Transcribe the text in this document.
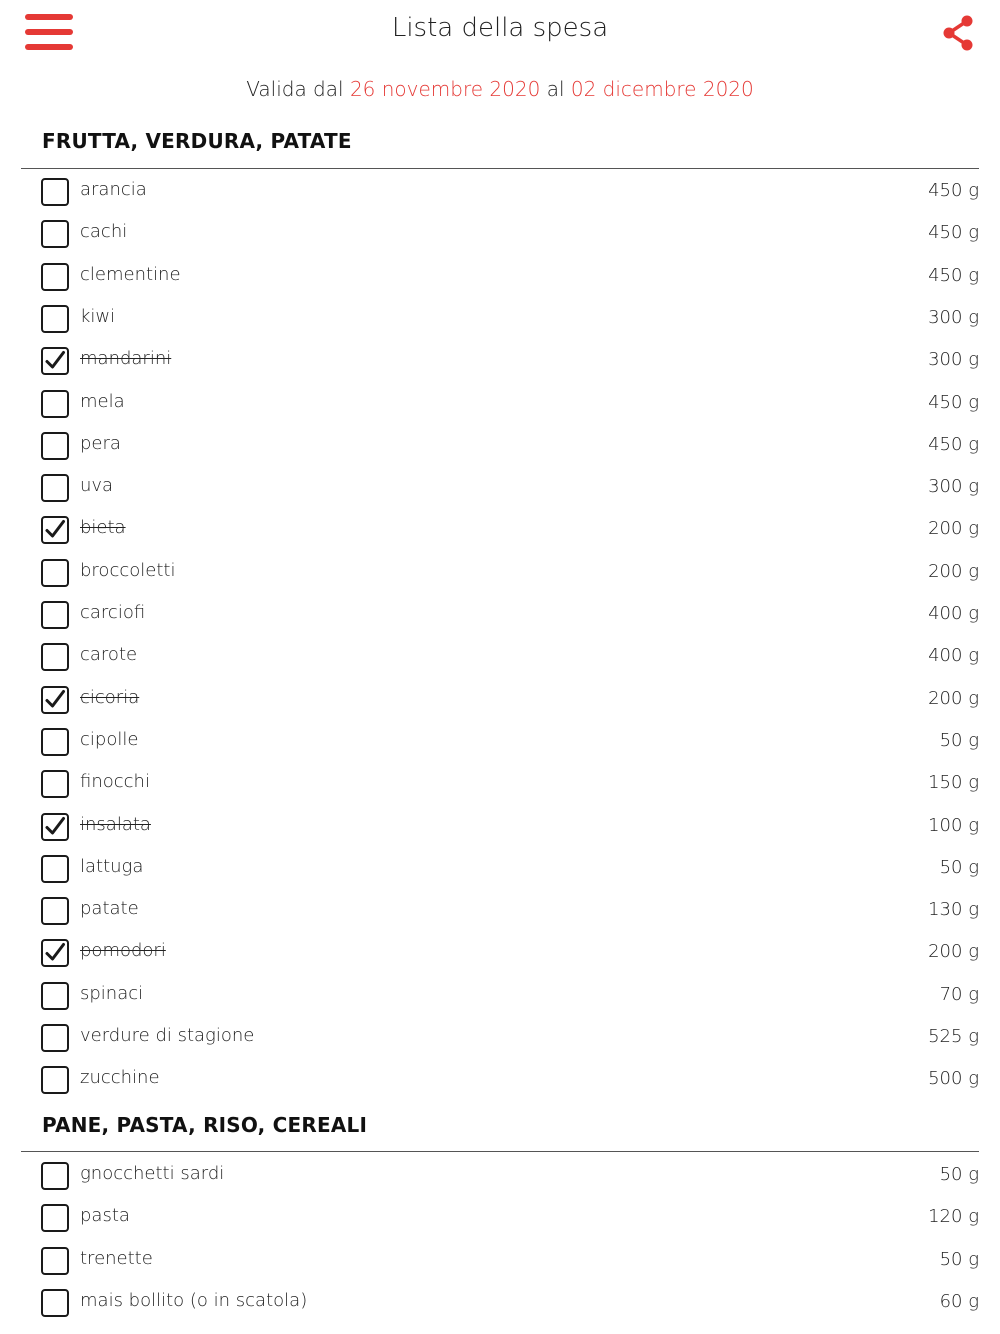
Lista della spesa
Valida dal 26 novembre 2020 al 02 dicembre 2020
FRUTTA, VERDURA, PATATE
arancia	450 g
cachi	450 g
clementine	450 g
kiwi	300 g
mandarini	300 g
mela	450 g
pera	450 g
uva	300 g
bieta	200 g
broccoletti	200 g
carciofi	400 g
carote	400 g
cicoria	200 g
cipolle	50 g
finocchi	150 g
insalata	100 g
lattuga	50 g
patate	130 g
pomodori	200 g
spinaci	70 g
verdure di stagione	525 g
zucchine	500 g
PANE, PASTA, RISO, CEREALI
gnocchetti sardi	50 g
pasta	120 g
trenette	50 g
mais bollito (o in scatola)	60 g
